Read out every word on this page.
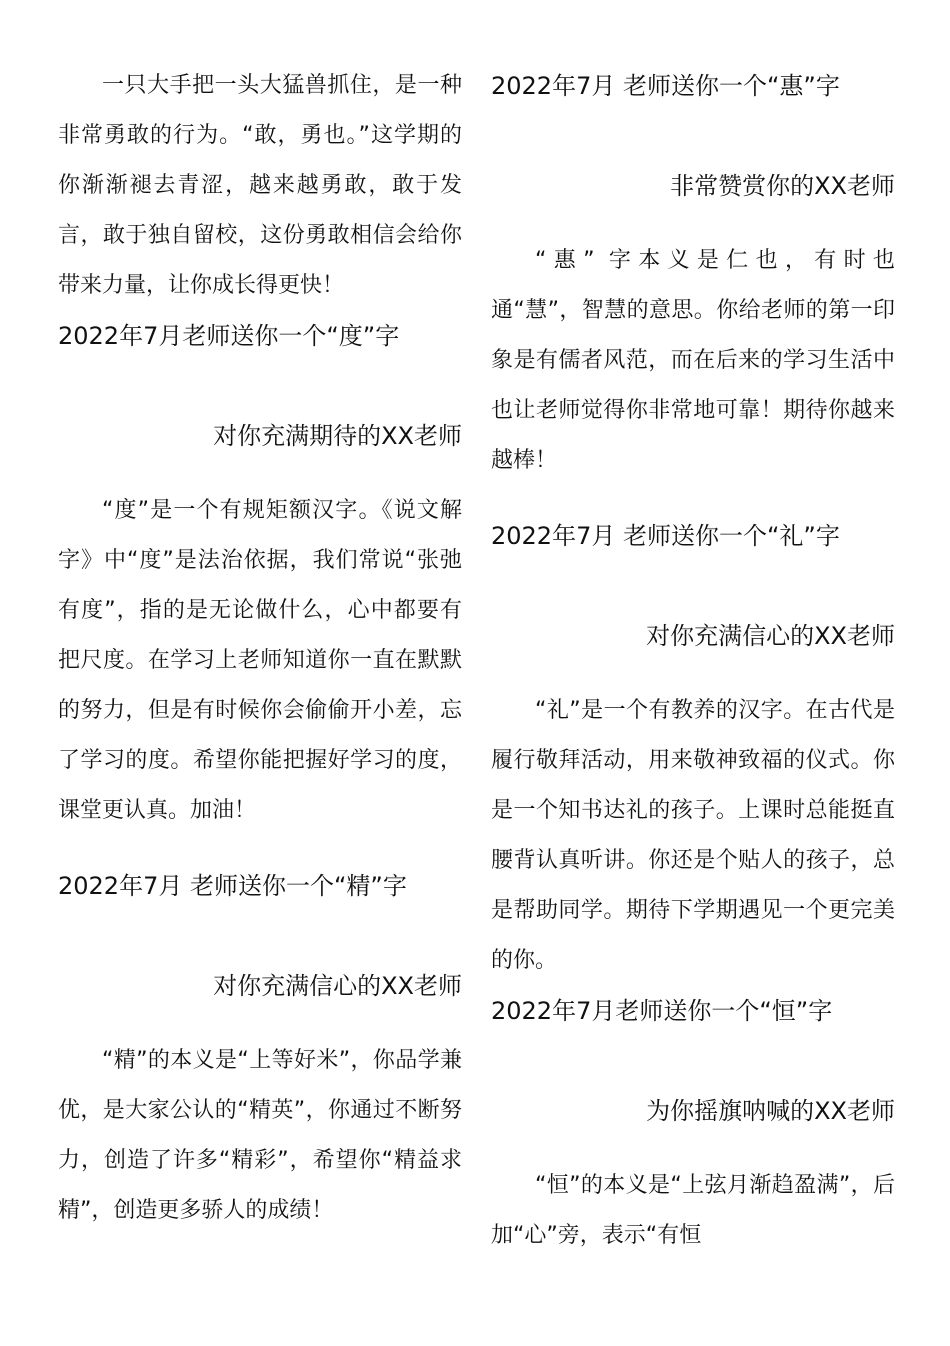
一只大手把一头大猛兽抓住，是一种非常勇敢的行为。“敢，勇也。”这学期的你渐渐褪去青涩，越来越勇敢，敢于发言，敢于独自留校，这份勇敢相信会给你带来力量，让你成长得更快！

2022年7月老师送你一个“度”字

对你充满期待的XX老师

“度”是一个有规矩额汉字。《说文解字》中“度”是法治依据，我们常说“张弛有度”，指的是无论做什么，心中都要有把尺度。在学习上老师知道你一直在默默的努力，但是有时候你会偷偷开小差，忘了学习的度。希望你能把握好学习的度，课堂更认真。加油！

2022年7月 老师送你一个“精”字

对你充满信心的XX老师

“精”的本义是“上等好米”，你品学兼优，是大家公认的“精英”，你通过不断努力，创造了许多“精彩”，希望你“精益求精”，创造更多骄人的成绩！

2022年7月 老师送你一个“惠”字

非常赞赏你的XX老师

“惠” 字本义是仁也，有时也通“慧”，智慧的意思。你给老师的第一印象是有儒者风范，而在后来的学习生活中也让老师觉得你非常地可靠！期待你越来越棒！

2022年7月 老师送你一个“礼”字

对你充满信心的XX老师

“礼”是一个有教养的汉字。在古代是履行敬拜活动，用来敬神致福的仪式。你是一个知书达礼的孩子。上课时总能挺直腰背认真听讲。你还是个贴人的孩子，总是帮助同学。期待下学期遇见一个更完美的你。

2022年7月老师送你一个“恒”字

为你摇旗呐喊的XX老师

“恒”的本义是“上弦月渐趋盈满”，后加“心”旁，表示“有恒
